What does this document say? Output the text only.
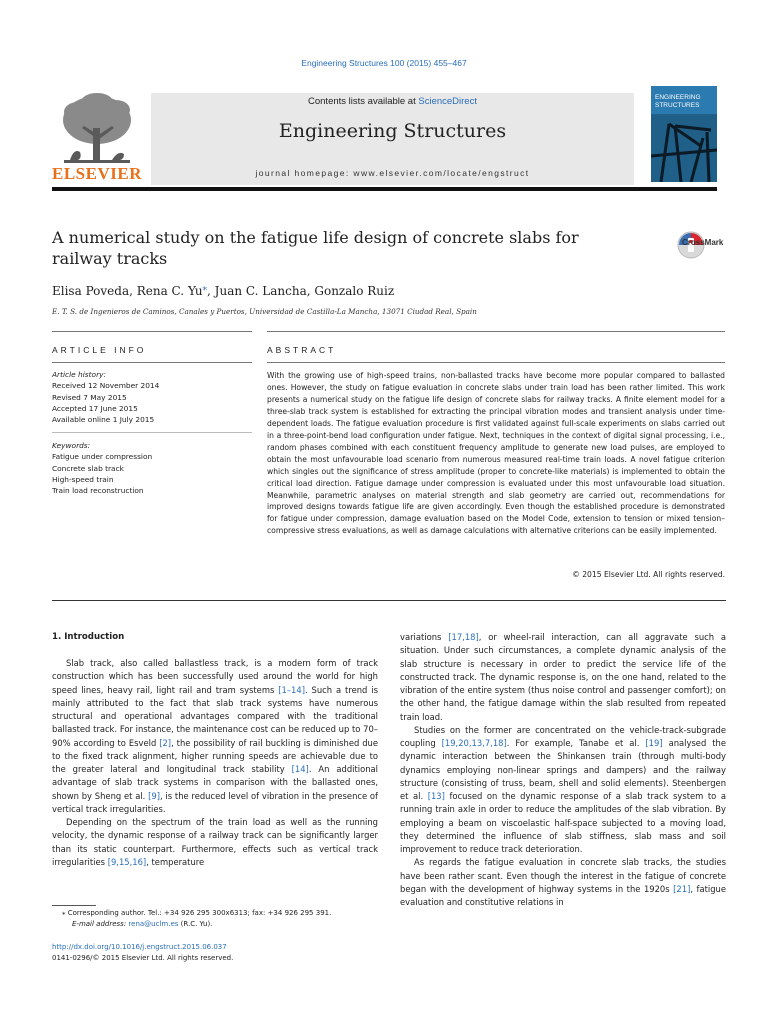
Engineering Structures 100 (2015) 455–467
ELSEVIER
Contents lists available at ScienceDirect
Engineering Structures
journal homepage: www.elsevier.com/locate/engstruct
ENGINEERING
STRUCTURES
A numerical study on the fatigue life design of concrete slabs for railway tracks
CrossMark
Elisa Poveda, Rena C. Yu⁎, Juan C. Lancha, Gonzalo Ruiz
E. T. S. de Ingenieros de Caminos, Canales y Puertos, Universidad de Castilla-La Mancha, 13071 Ciudad Real, Spain
ARTICLE INFO	ABSTRACT
Article history:
Received 12 November 2014
Revised 7 May 2015
Accepted 17 June 2015
Available online 1 July 2015
Keywords:
Fatigue under compression
Concrete slab track
High-speed train
Train load reconstruction
With the growing use of high-speed trains, non-ballasted tracks have become more popular compared to ballasted ones. However, the study on fatigue evaluation in concrete slabs under train load has been rather limited. This work presents a numerical study on the fatigue life design of concrete slabs for railway tracks. A finite element model for a three-slab track system is established for extracting the principal vibration modes and transient analysis under time-dependent loads. The fatigue evaluation procedure is first validated against full-scale experiments on slabs carried out in a three-point-bend load configuration under fatigue. Next, techniques in the context of digital signal processing, i.e., random phases combined with each constituent frequency amplitude to generate new load pulses, are employed to obtain the most unfavourable load scenario from numerous measured real-time train loads. A novel fatigue criterion which singles out the significance of stress amplitude (proper to concrete-like materials) is implemented to obtain the critical load direction. Fatigue damage under compression is evaluated under this most unfavourable load situation. Meanwhile, parametric analyses on material strength and slab geometry are carried out, recommendations for improved designs towards fatigue life are given accordingly. Even though the established procedure is demonstrated for fatigue under compression, damage evaluation based on the Model Code, extension to tension or mixed tension–compressive stress evaluations, as well as damage calculations with alternative criterions can be easily implemented.
© 2015 Elsevier Ltd. All rights reserved.
1. Introduction

Slab track, also called ballastless track, is a modern form of track construction which has been successfully used around the world for high speed lines, heavy rail, light rail and tram systems [1–14]. Such a trend is mainly attributed to the fact that slab track systems have numerous structural and operational advantages compared with the traditional ballasted track. For instance, the maintenance cost can be reduced up to 70–90% according to Esveld [2], the possibility of rail buckling is diminished due to the fixed track alignment, higher running speeds are achievable due to the greater lateral and longitudinal track stability [14]. An additional advantage of slab track systems in comparison with the ballasted ones, shown by Sheng et al. [9], is the reduced level of vibration in the presence of vertical track irregularities.

Depending on the spectrum of the train load as well as the running velocity, the dynamic response of a railway track can be significantly larger than its static counterpart. Furthermore, effects such as vertical track irregularities [9,15,16], temperature

variations [17,18], or wheel-rail interaction, can all aggravate such a situation. Under such circumstances, a complete dynamic analysis of the slab structure is necessary in order to predict the service life of the constructed track. The dynamic response is, on the one hand, related to the vibration of the entire system (thus noise control and passenger comfort); on the other hand, the fatigue damage within the slab resulted from repeated train load.

Studies on the former are concentrated on the vehicle-track-subgrade coupling [19,20,13,7,18]. For example, Tanabe et al. [19] analysed the dynamic interaction between the Shinkansen train (through multi-body dynamics employing non-linear springs and dampers) and the railway structure (consisting of truss, beam, shell and solid elements). Steenbergen et al. [13] focused on the dynamic response of a slab track system to a running train axle in order to reduce the amplitudes of the slab vibration. By employing a beam on viscoelastic half-space subjected to a moving load, they determined the influence of slab stiffness, slab mass and soil improvement to reduce track deterioration.

As regards the fatigue evaluation in concrete slab tracks, the studies have been rather scant. Even though the interest in the fatigue of concrete began with the development of highway systems in the 1920s [21], fatigue evaluation and constitutive relations in

⁎ Corresponding author. Tel.: +34 926 295 300x6313; fax: +34 926 295 391.
E-mail address: rena@uclm.es (R.C. Yu).
http://dx.doi.org/10.1016/j.engstruct.2015.06.037
0141-0296/© 2015 Elsevier Ltd. All rights reserved.
